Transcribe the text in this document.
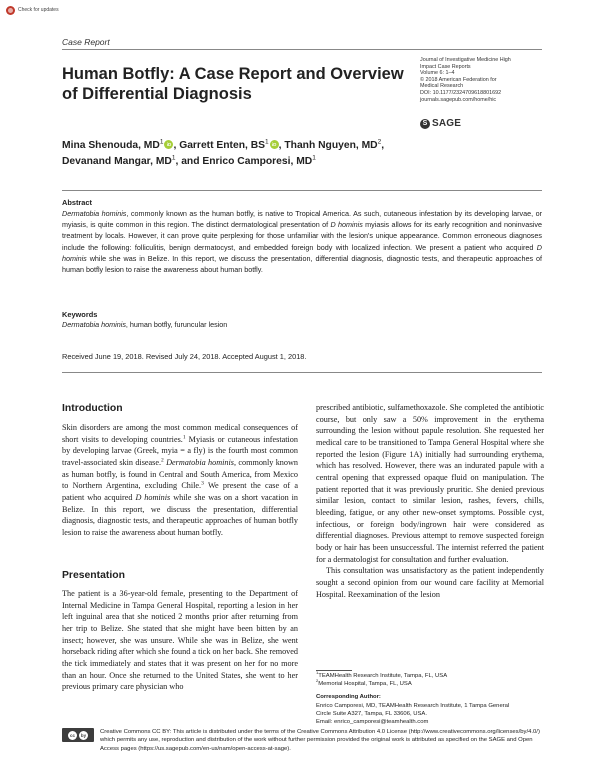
Check for updates
Case Report
Human Botfly: A Case Report and Overview of Differential Diagnosis
Journal of Investigative Medicine High
Impact Case Reports
Volume 6: 1–4
© 2018 American Federation for
Medical Research
DOI: 10.1177/2324709618801692
journals.sagepub.com/home/hic
S SAGE
Mina Shenouda, $MD^1iD$ , Garrett Enten, $BS^1iD$ , Thanh Nguyen, $MD^2$,
Devanand Mangar, $MD^1$, and Enrico Camporesi, $MD^1$
Abstract
Dermatobia hominis, commonly known as the human botfly, is native to Tropical America. As such, cutaneous infestation by its developing larvae, or myiasis, is quite common in this region. The distinct dermatological presentation of D hominis myiasis allows for its early recognition and noninvasive treatment by locals. However, it can prove quite perplexing for those unfamiliar with the lesion's unique appearance. Common erroneous diagnoses include the following: folliculitis, benign dermatocyst, and embedded foreign body with localized infection. We present a patient who acquired D hominis while she was in Belize. In this report, we discuss the presentation, differential diagnosis, diagnostic tests, and therapeutic approaches of human botfly lesion to raise the awareness about human botfly.
Keywords
Dermatobia hominis, human botfly, furuncular lesion
Received June 19, 2018. Revised July 24, 2018. Accepted August 1, 2018.
Introduction

Skin disorders are among the most common medical consequences of short visits to developing countries.$^1$ Myiasis or cutaneous infestation by developing larvae (Greek, myia = a fly) is the fourth most common travel-associated skin disease.$^2$ Dermatobia hominis, commonly known as human botfly, is found in Central and South America, from Mexico to Northern Argentina, excluding Chile.$^3$ We present the case of a patient who acquired D hominis while she was on a short vacation in Belize. In this report, we discuss the presentation, differential diagnosis, diagnostic tests, and therapeutic approaches of human botfly lesion to raise the awareness about human botfly.

Presentation

The patient is a 36-year-old female, presenting to the Department of Internal Medicine in Tampa General Hospital, reporting a lesion in her left inguinal area that she noticed 2 months prior after returning from her trip to Belize. She stated that she might have been bitten by an insect; however, she was unsure. While she was in Belize, she went horseback riding after which she found a tick on her back. She removed the tick immediately and states that it was present on her for no more than an hour. Once she returned to the United States, she went to her previous primary care physician who

prescribed antibiotic, sulfamethoxazole. She completed the antibiotic course, but only saw a 50% improvement in the erythema surrounding the lesion without papule resolution. She requested her medical care to be transitioned to Tampa General Hospital where she reported the lesion (Figure 1A) initially had surrounding erythema, which has resolved. However, there was an indurated papule with a central opening that expressed opaque fluid on manipulation. The patient reported that it was previously pruritic. She denied previous similar lesion, contact to similar lesion, rashes, fevers, chills, bleeding, fatigue, or any other new-onset symptoms. Possible cyst, infectious, or foreign body/ingrown hair were considered as differential diagnoses. Previous attempt to remove suspected foreign body or hair has been unsuccessful. The internist referred the patient for a dermatologist for consultation and further evaluation.

This consultation was unsatisfactory as the patient independently sought a second opinion from our wound care facility at Memorial Hospital. Reexamination of the lesion

$^1$TEAMHealth Research Institute, Tampa, FL, USA
$^2$Memorial Hospital, Tampa, FL, USA
Corresponding Author:
Enrico Camporesi, MD, TEAMHealth Research Institute, 1 Tampa General
Circle Suite A327, Tampa, FL 33606, USA.
Email: enrico_camporesi@teamhealth.com
cc	by	Creative Commons CC BY: This article is distributed under the terms of the Creative Commons Attribution 4.0 License (http://www.creativecommons.org/licenses/by/4.0/) which permits any use, reproduction and distribution of the work without further permission provided the original work is attributed as specified on the SAGE and Open Access pages (https://us.sagepub.com/en-us/nam/open-access-at-sage).
